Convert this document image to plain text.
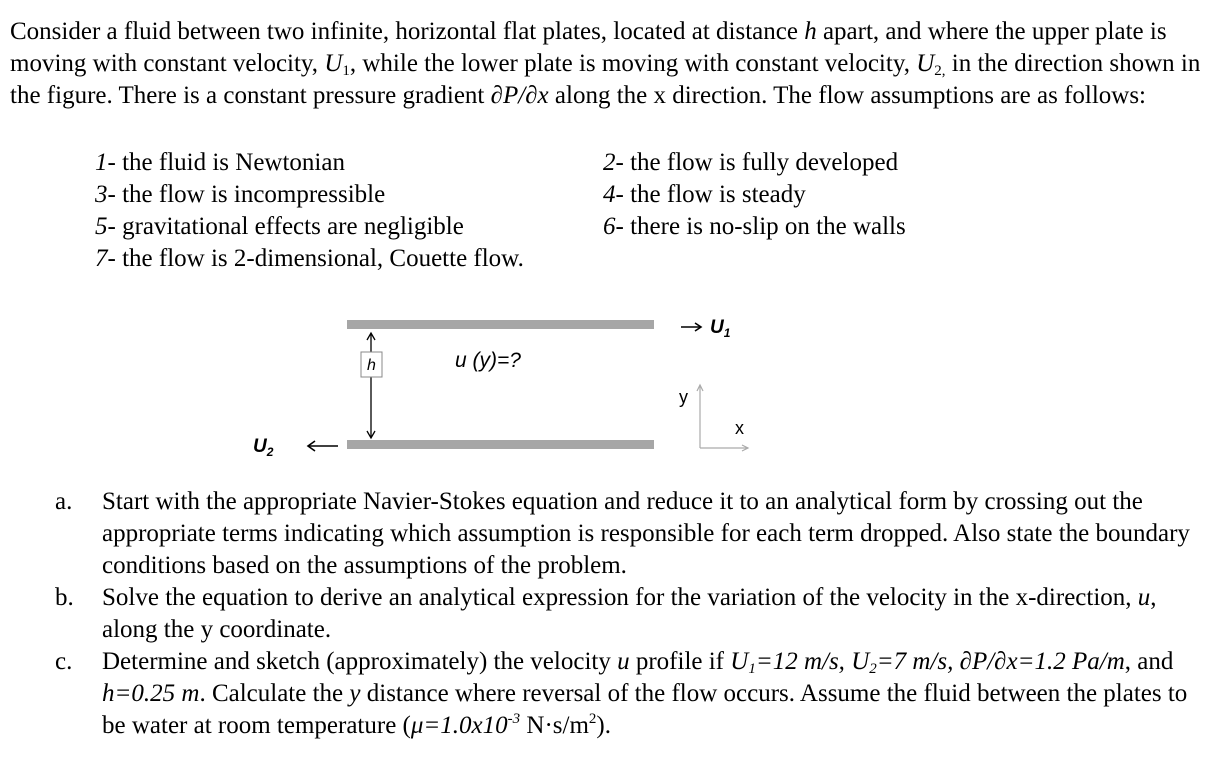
Consider a fluid between two infinite, horizontal flat plates, located at distance h apart, and where the upper plate is moving with constant velocity, $U_1$, while the lower plate is moving with constant velocity, $U_{2,}$ in the direction shown in the figure. There is a constant pressure gradient ∂P/∂x along the x direction. The flow assumptions are as follows:
1- the fluid is Newtonian	2- the flow is fully developed
3- the flow is incompressible	4- the flow is steady
5- gravitational effects are negligible	6- there is no-slip on the walls
7- the flow is 2-dimensional, Couette flow.
$U_1$
h	u (y)=?
$U_2$
y
x
a. Start with the appropriate Navier-Stokes equation and reduce it to an analytical form by crossing out the appropriate terms indicating which assumption is responsible for each term dropped. Also state the boundary conditions based on the assumptions of the problem.
b. Solve the equation to derive an analytical expression for the variation of the velocity in the x-direction, u, along the y coordinate.
c. Determine and sketch (approximately) the velocity u profile if $U_1=12$ m/s, $U_2=7$ m/s, ∂P/∂x=1.2 Pa/m, and h=0.25 m. Calculate the y distance where reversal of the flow occurs. Assume the fluid between the plates to be water at room temperature ($\mu=1.0x10^{-3}$ $N\cdot s/m^2$).
